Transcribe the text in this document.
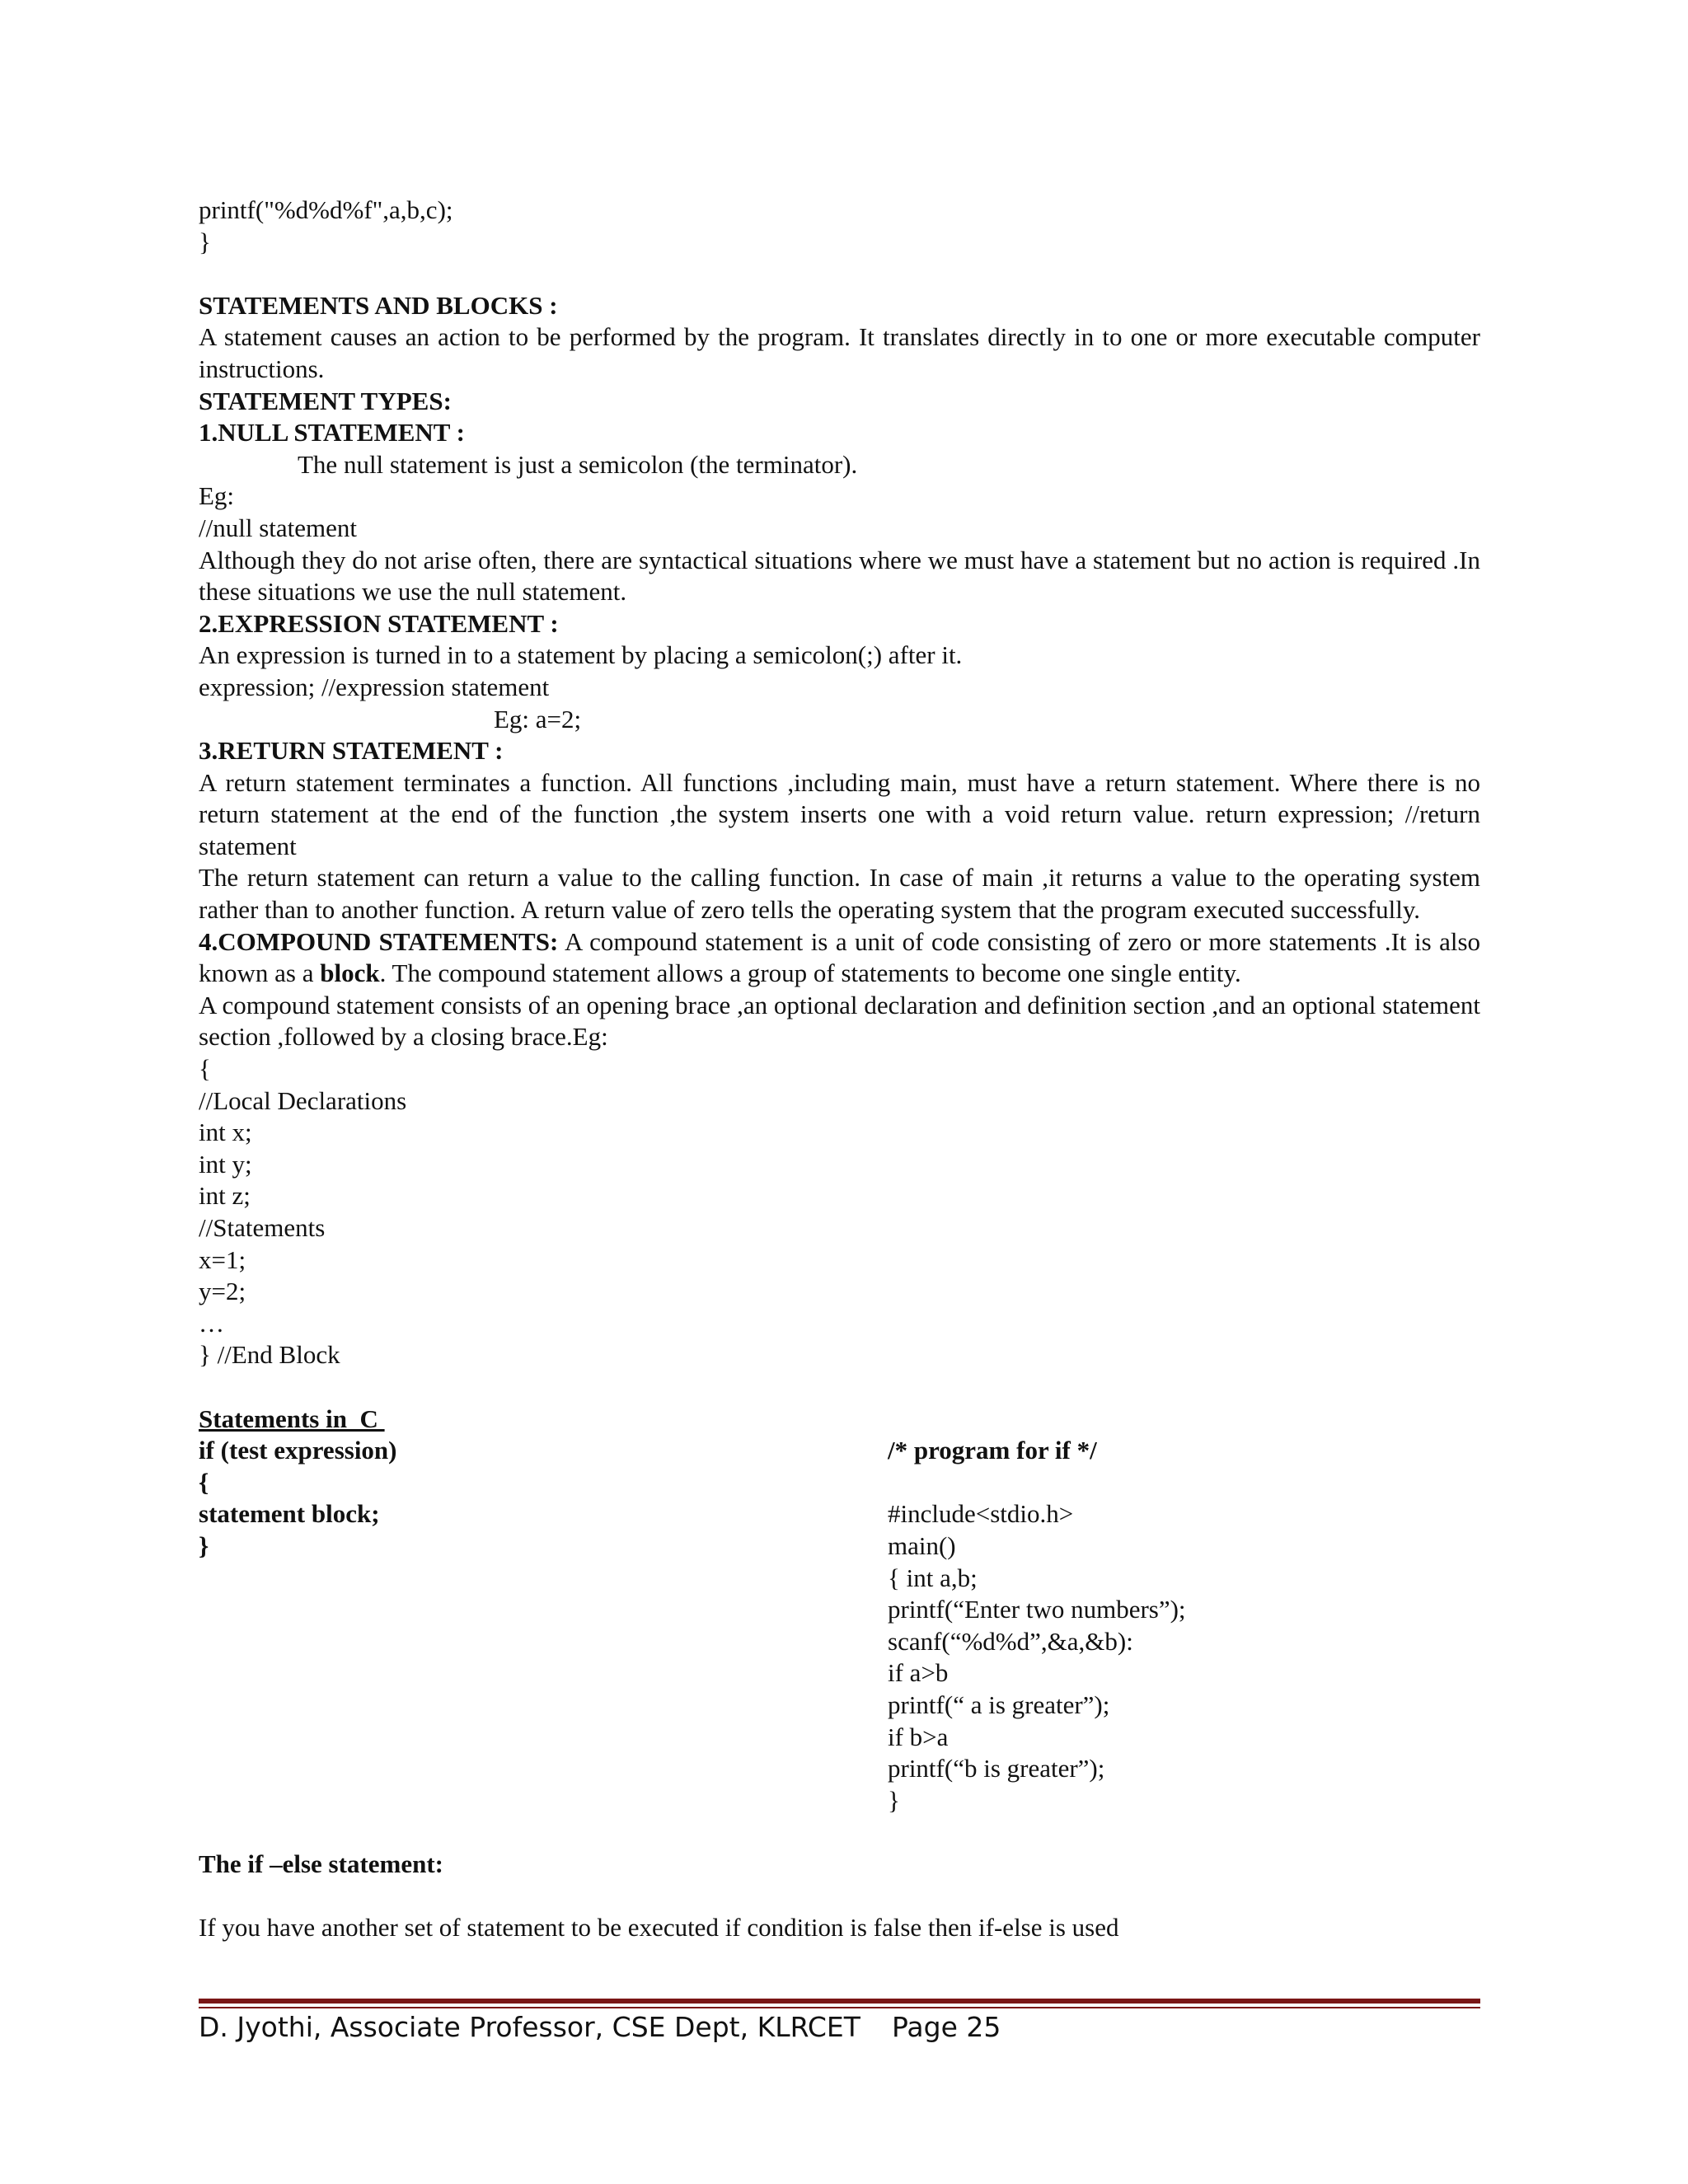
printf("%d%d%f",a,b,c);
}
STATEMENTS AND BLOCKS :
A statement causes an action to be performed by the program. It translates directly in to one or more executable computer instructions.
STATEMENT TYPES:
1.NULL STATEMENT :
The null statement is just a semicolon (the terminator).
Eg:
//null statement
Although they do not arise often, there are syntactical situations where we must have a statement but no action is required .In these situations we use the null statement.
2.EXPRESSION STATEMENT :
An expression is turned in to a statement by placing a semicolon(;) after it.
expression; //expression statement
Eg: a=2;
3.RETURN STATEMENT :
A return statement terminates a function. All functions ,including main, must have a return statement. Where there is no return statement at the end of the function ,the system inserts one with a void return value. return expression; //return statement
The return statement can return a value to the calling function. In case of main ,it returns a value to the operating system rather than to another function. A return value of zero tells the operating system that the program executed successfully.
4.COMPOUND STATEMENTS: A compound statement is a unit of code consisting of zero or more statements .It is also known as a block. The compound statement allows a group of statements to become one single entity.
A compound statement consists of an opening brace ,an optional declaration and definition section ,and an optional statement section ,followed by a closing brace.Eg:
{
//Local Declarations
int x;
int y;
int z;
//Statements
x=1;
y=2;
…
} //End Block
Statements in  C
if (test expression)
{
statement block;
}
/* program for if */
#include<stdio.h>
main()
{ int a,b;
printf(“Enter two numbers”);
scanf(“%d%d”,&a,&b):
if a>b
printf(“ a is greater”);
if b>a
printf(“b is greater”);
}
The if –else statement:
If you have another set of statement to be executed if condition is false then if-else is used
D. Jyothi, Associate Professor, CSE Dept, KLRCET Page 25
